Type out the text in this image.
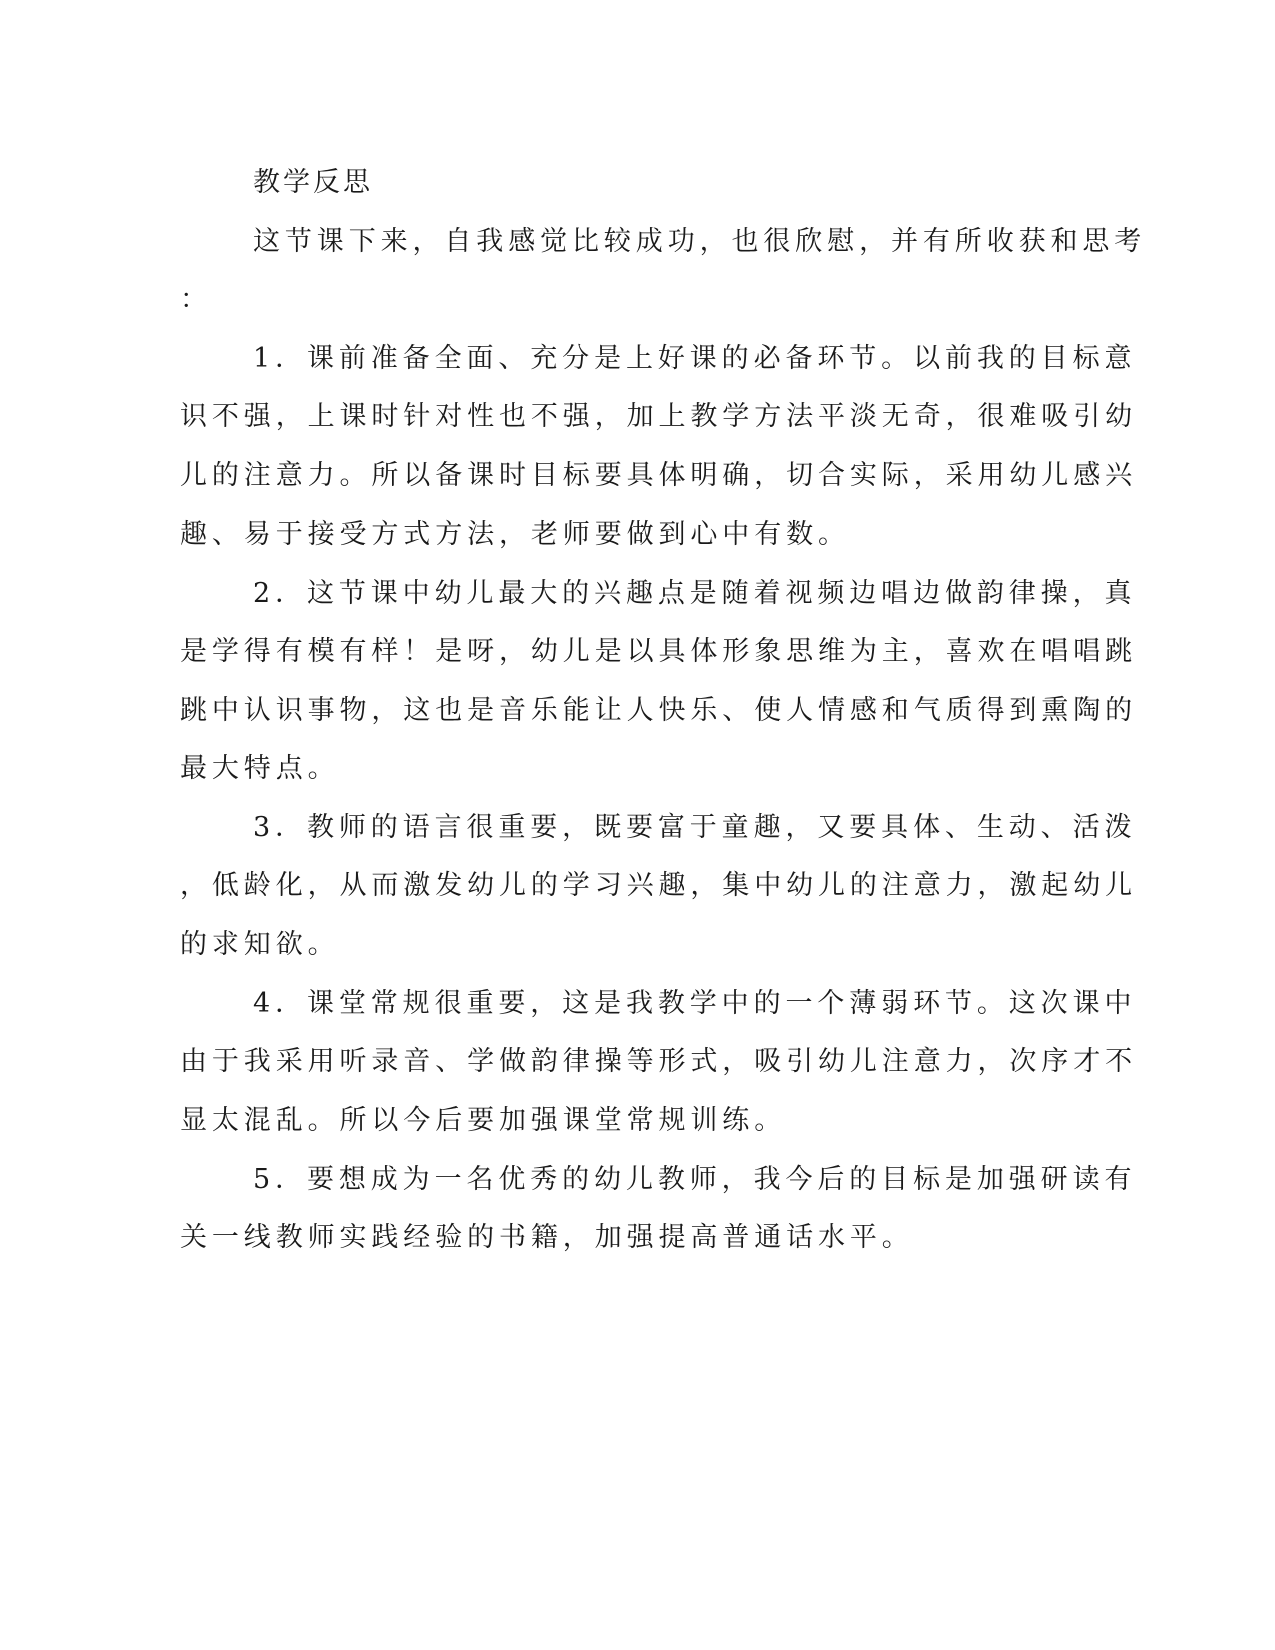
教学反思

这节课下来，自我感觉比较成功，也很欣慰，并有所收获和思考

：

1．课前准备全面、充分是上好课的必备环节。以前我的目标意

识不强，上课时针对性也不强，加上教学方法平淡无奇，很难吸引幼

儿的注意力。所以备课时目标要具体明确，切合实际，采用幼儿感兴

趣、易于接受方式方法，老师要做到心中有数。

2．这节课中幼儿最大的兴趣点是随着视频边唱边做韵律操，真

是学得有模有样！是呀，幼儿是以具体形象思维为主，喜欢在唱唱跳

跳中认识事物，这也是音乐能让人快乐、使人情感和气质得到熏陶的

最大特点。

3．教师的语言很重要，既要富于童趣，又要具体、生动、活泼

，低龄化，从而激发幼儿的学习兴趣，集中幼儿的注意力，激起幼儿

的求知欲。

4．课堂常规很重要，这是我教学中的一个薄弱环节。这次课中

由于我采用听录音、学做韵律操等形式，吸引幼儿注意力，次序才不

显太混乱。所以今后要加强课堂常规训练。

5．要想成为一名优秀的幼儿教师，我今后的目标是加强研读有

关一线教师实践经验的书籍，加强提高普通话水平。
